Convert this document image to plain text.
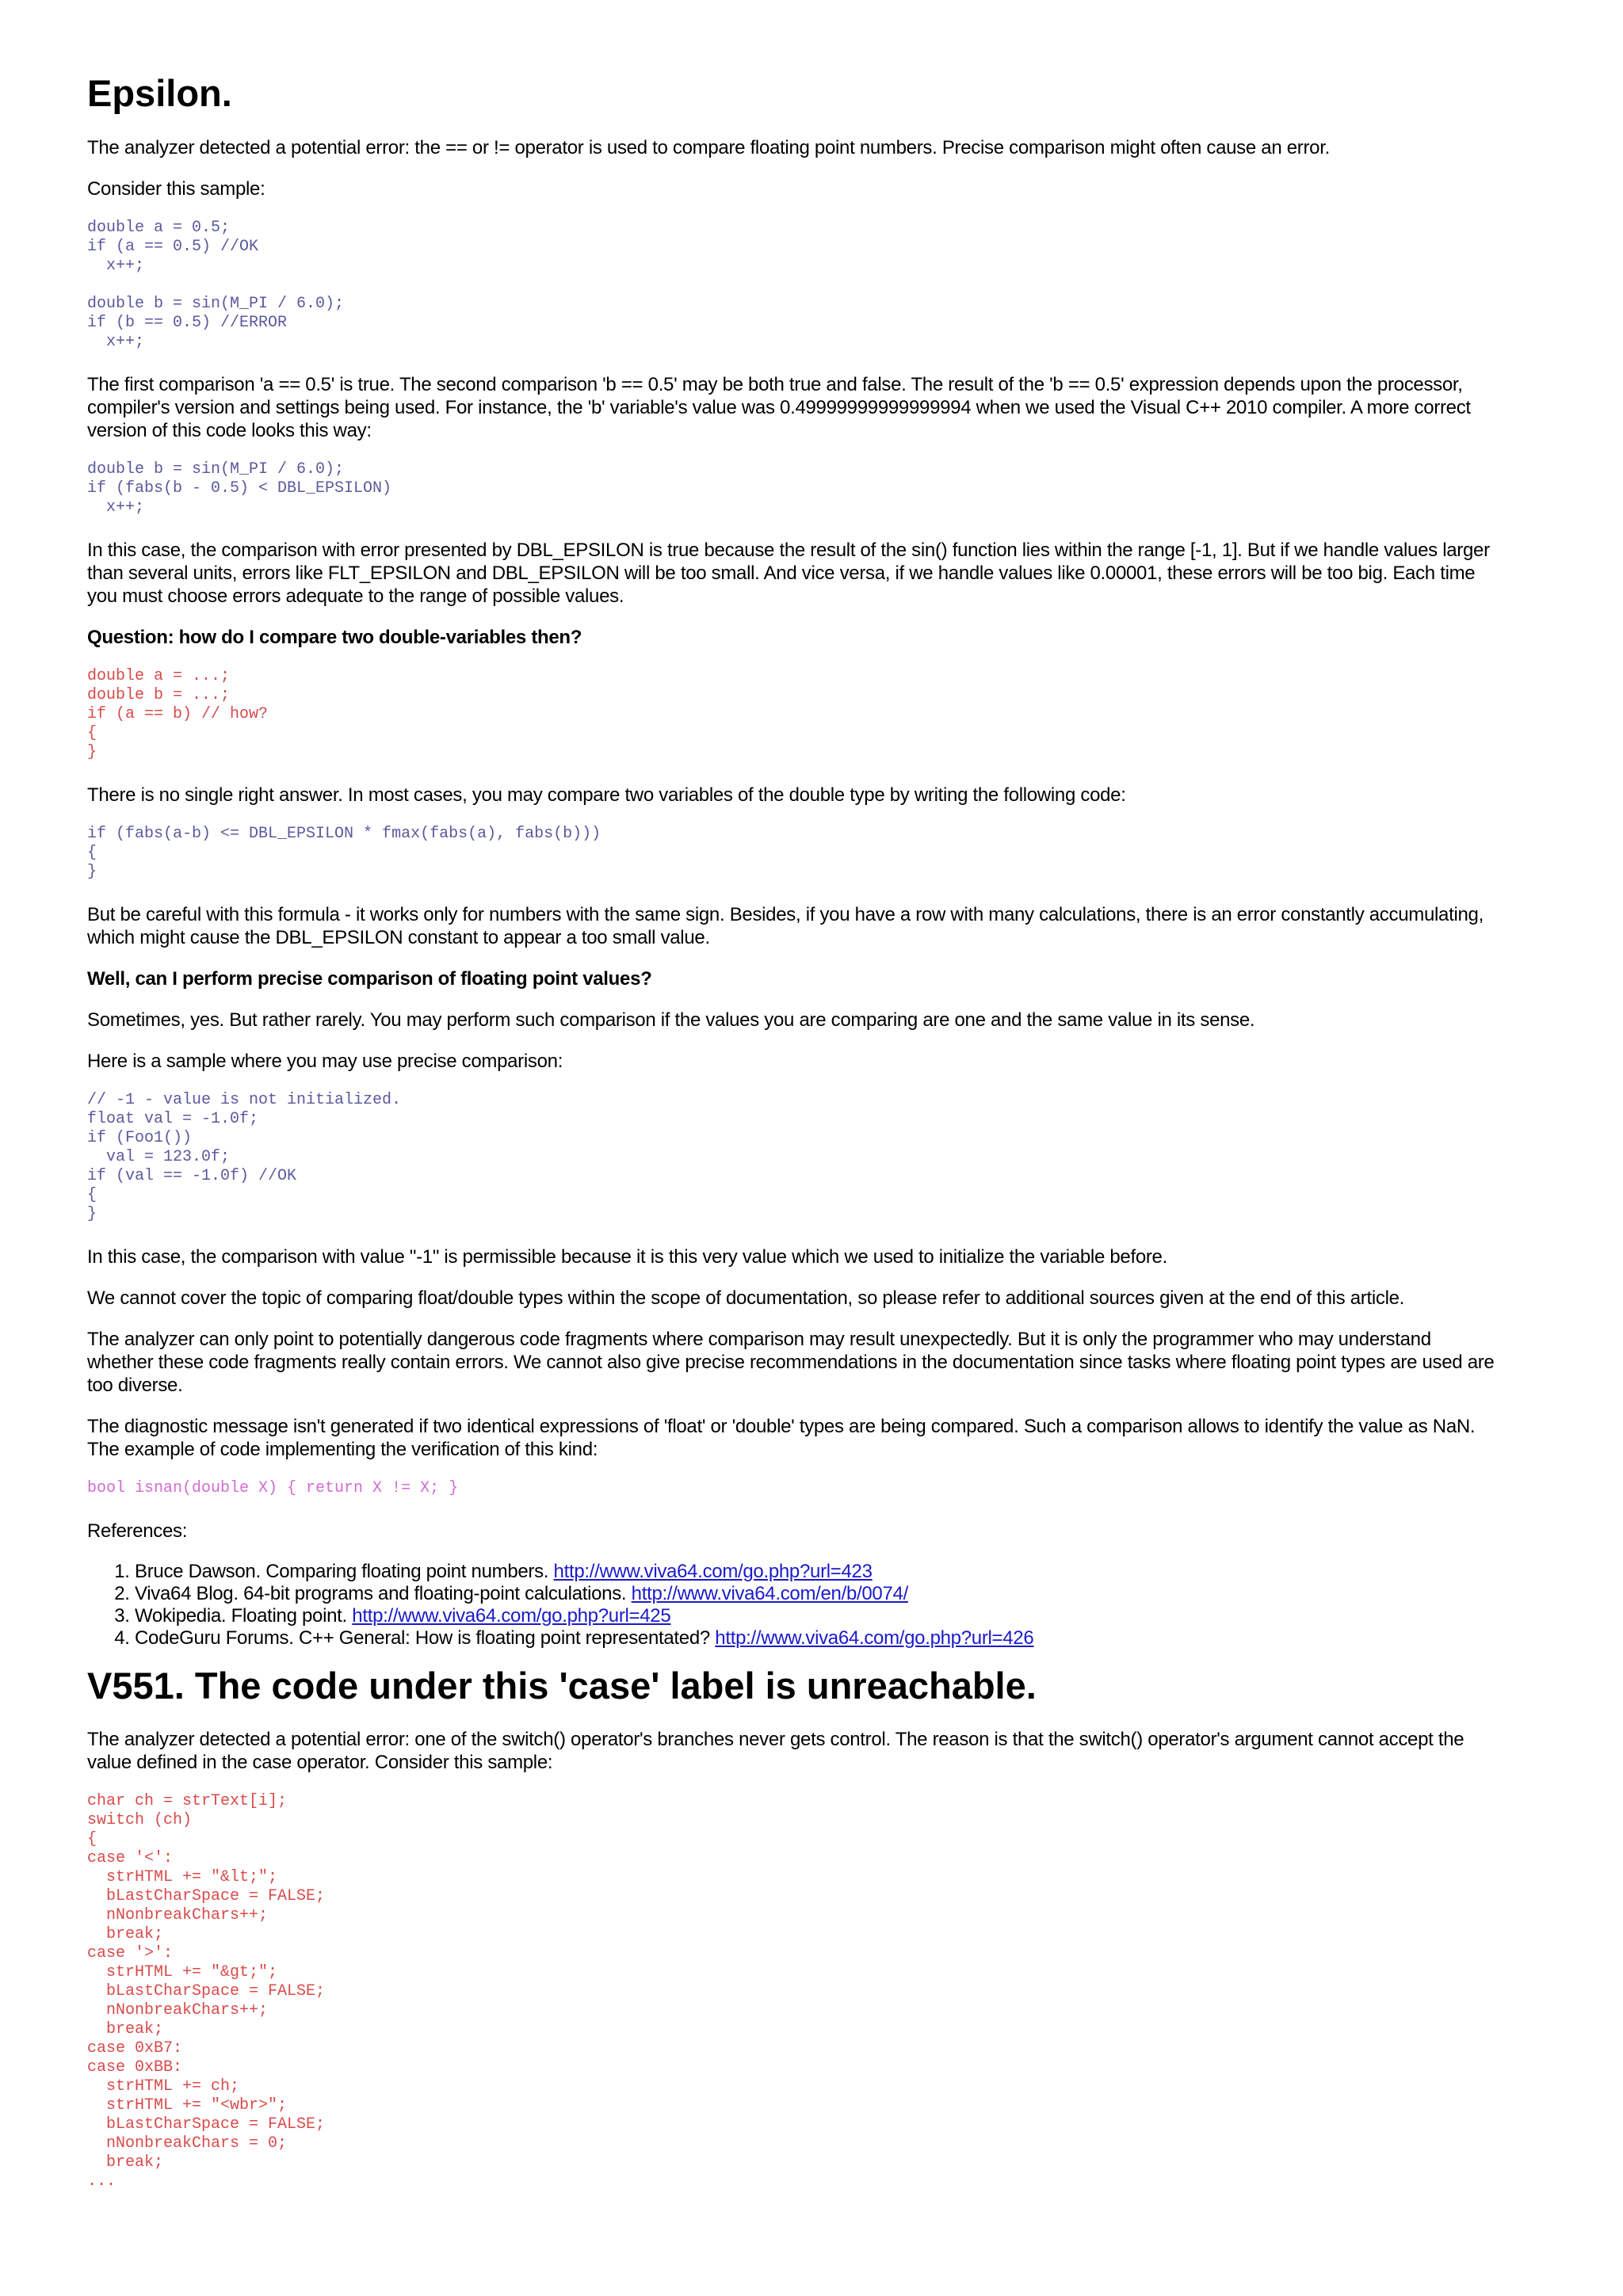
Epsilon.

The analyzer detected a potential error: the == or != operator is used to compare floating point numbers. Precise comparison might often cause an error.

Consider this sample:

double a = 0.5;
if (a == 0.5) //OK
x++;

double b = sin(M_PI / 6.0);
if (b == 0.5) //ERROR
x++;

The first comparison 'a == 0.5' is true. The second comparison 'b == 0.5' may be both true and false. The result of the 'b == 0.5' expression depends upon the processor, compiler's version and settings being used. For instance, the 'b' variable's value was 0.49999999999999994 when we used the Visual C++ 2010 compiler. A more correct version of this code looks this way:

double b = sin(M_PI / 6.0);
if (fabs(b - 0.5) < DBL_EPSILON)
x++;

In this case, the comparison with error presented by DBL_EPSILON is true because the result of the sin() function lies within the range [-1, 1]. But if we handle values larger than several units, errors like FLT_EPSILON and DBL_EPSILON will be too small. And vice versa, if we handle values like 0.00001, these errors will be too big. Each time you must choose errors adequate to the range of possible values.

Question: how do I compare two double-variables then?

double a = ...;
double b = ...;
if (a == b) // how?
{
}

There is no single right answer. In most cases, you may compare two variables of the double type by writing the following code:

if (fabs(a-b) <= DBL_EPSILON * fmax(fabs(a), fabs(b)))
{
}

But be careful with this formula - it works only for numbers with the same sign. Besides, if you have a row with many calculations, there is an error constantly accumulating, which might cause the DBL_EPSILON constant to appear a too small value.

Well, can I perform precise comparison of floating point values?

Sometimes, yes. But rather rarely. You may perform such comparison if the values you are comparing are one and the same value in its sense.

Here is a sample where you may use precise comparison:

// -1 - value is not initialized.
float val = -1.0f;
if (Foo1())
val = 123.0f;
if (val == -1.0f) //OK
{
}

In this case, the comparison with value "-1" is permissible because it is this very value which we used to initialize the variable before.

We cannot cover the topic of comparing float/double types within the scope of documentation, so please refer to additional sources given at the end of this article.

The analyzer can only point to potentially dangerous code fragments where comparison may result unexpectedly. But it is only the programmer who may understand whether these code fragments really contain errors. We cannot also give precise recommendations in the documentation since tasks where floating point types are used are too diverse.

The diagnostic message isn't generated if two identical expressions of 'float' or 'double' types are being compared. Such a comparison allows to identify the value as NaN. The example of code implementing the verification of this kind:

bool isnan(double X) { return X != X; }

References:

1. Bruce Dawson. Comparing floating point numbers. http://www.viva64.com/go.php?url=423
2. Viva64 Blog. 64-bit programs and floating-point calculations. http://www.viva64.com/en/b/0074/
3. Wokipedia. Floating point. http://www.viva64.com/go.php?url=425
4. CodeGuru Forums. C++ General: How is floating point representated? http://www.viva64.com/go.php?url=426
V551. The code under this 'case' label is unreachable.

The analyzer detected a potential error: one of the switch() operator's branches never gets control. The reason is that the switch() operator's argument cannot accept the value defined in the case operator. Consider this sample:

char ch = strText[i];
switch (ch)
{
case '<':
strHTML += "&lt;";
bLastCharSpace = FALSE;
nNonbreakChars++;
break;
case '>':
strHTML += "&gt;";
bLastCharSpace = FALSE;
nNonbreakChars++;
break;
case 0xB7:
case 0xBB:
strHTML += ch;
strHTML += "<wbr>";
bLastCharSpace = FALSE;
nNonbreakChars = 0;
break;
...
